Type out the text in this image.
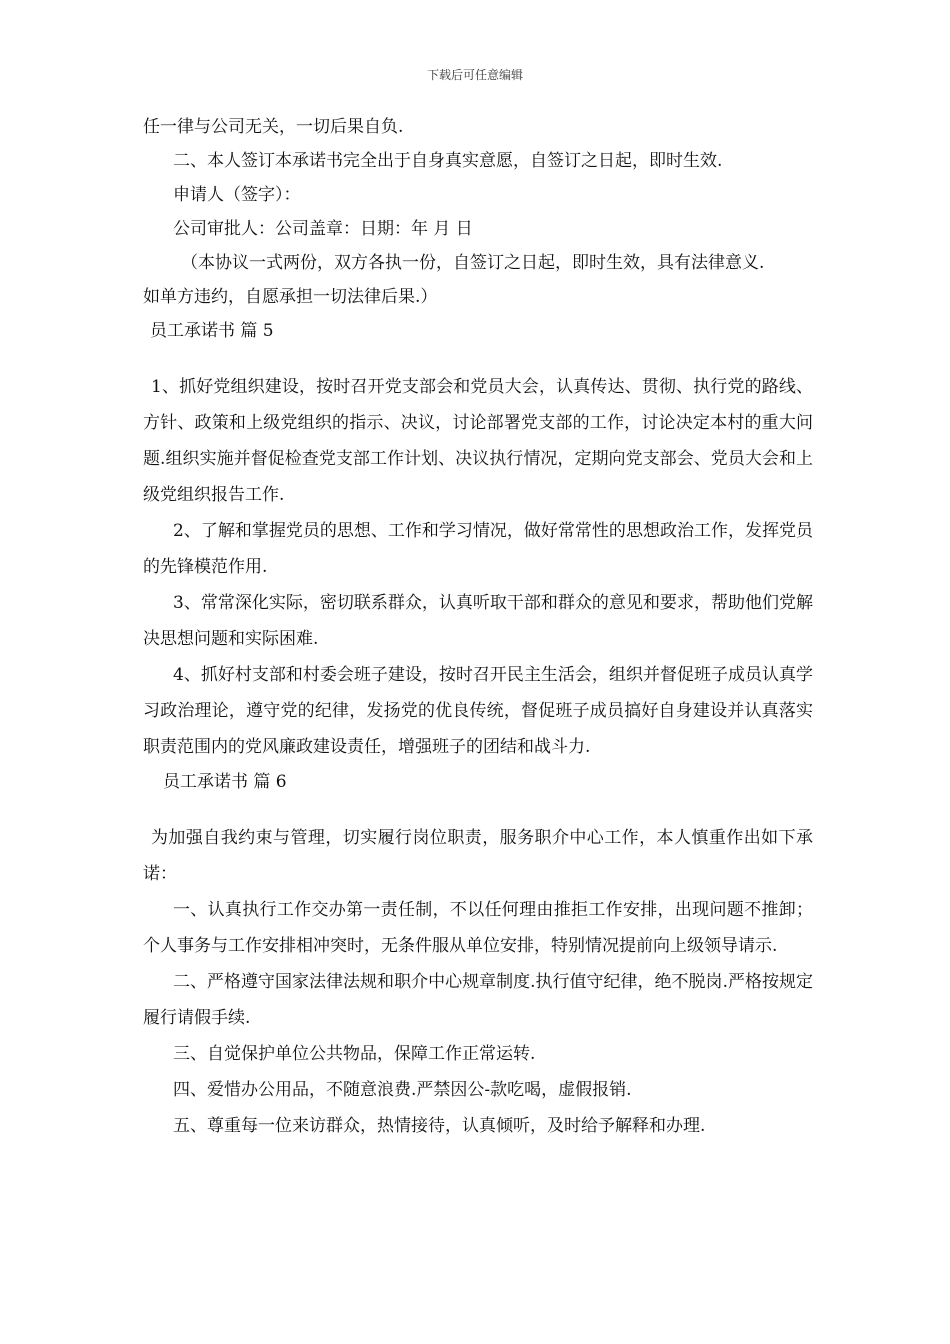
下载后可任意编辑
任一律与公司无关，一切后果自负.
二、本人签订本承诺书完全出于自身真实意愿，自签订之日起，即时生效.
申请人（签字）：
公司审批人：公司盖章：日期：年 月 日
（本协议一式两份，双方各执一份，自签订之日起，即时生效，具有法律意义.
如单方违约，自愿承担一切法律后果.）
员工承诺书 篇 5
1、抓好党组织建设，按时召开党支部会和党员大会，认真传达、贯彻、执行党的路线、方针、政策和上级党组织的指示、决议，讨论部署党支部的工作，讨论决定本村的重大问题.组织实施并督促检查党支部工作计划、决议执行情况，定期向党支部会、党员大会和上级党组织报告工作.
2、了解和掌握党员的思想、工作和学习情况，做好常常性的思想政治工作，发挥党员的先锋模范作用.
3、常常深化实际，密切联系群众，认真听取干部和群众的意见和要求，帮助他们党解决思想问题和实际困难.
4、抓好村支部和村委会班子建设，按时召开民主生活会，组织并督促班子成员认真学习政治理论，遵守党的纪律，发扬党的优良传统，督促班子成员搞好自身建设并认真落实职责范围内的党风廉政建设责任，增强班子的团结和战斗力.
员工承诺书 篇 6
为加强自我约束与管理，切实履行岗位职责，服务职介中心工作，本人慎重作出如下承诺：
一、认真执行工作交办第一责任制，不以任何理由推拒工作安排，出现问题不推卸；个人事务与工作安排相冲突时，无条件服从单位安排，特别情况提前向上级领导请示.
二、严格遵守国家法律法规和职介中心规章制度.执行值守纪律，绝不脱岗.严格按规定履行请假手续.
三、自觉保护单位公共物品，保障工作正常运转.
四、爱惜办公用品，不随意浪费.严禁因公-款吃喝，虚假报销.
五、尊重每一位来访群众，热情接待，认真倾听，及时给予解释和办理.
